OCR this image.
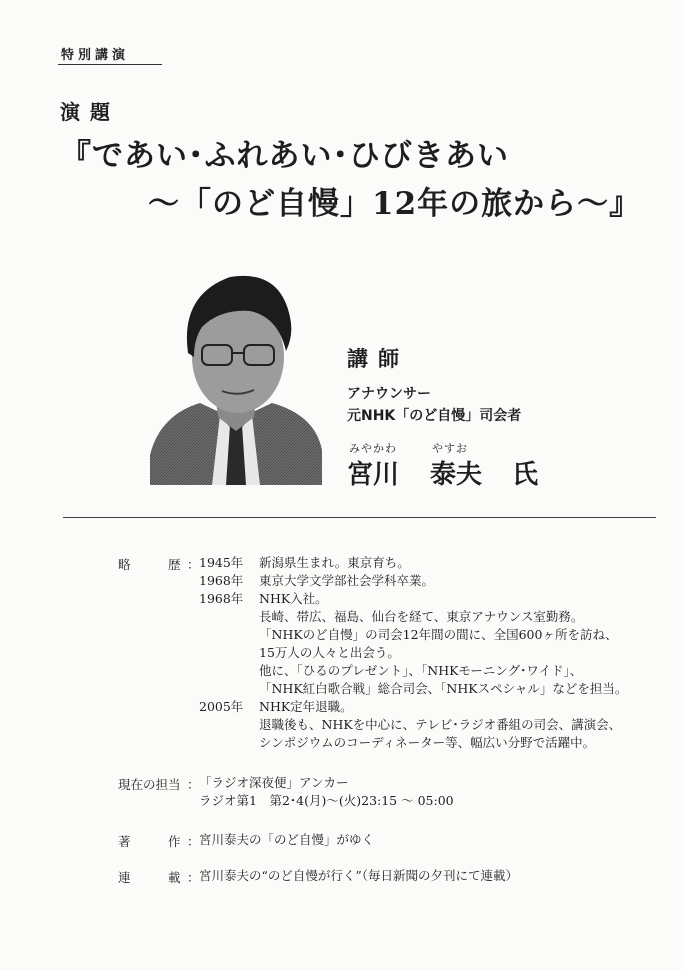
特別講演
演題
『であい･ふれあい･ひびきあい
〜「のど自慢」12年の旅から〜』
講師
アナウンサー
元NHK「のど自慢」司会者
みやかわ	やすお
宮川 泰夫 氏
略	歴 ： 1945年 新潟県生まれ。東京育ち。
1968年 東京大学文学部社会学科卒業。
1968年 NHK入社。
長崎、帯広、福島、仙台を経て、東京アナウンス室勤務。
「NHKのど自慢」の司会12年間の間に、全国600ヶ所を訪ね、
15万人の人々と出会う。
他に、「ひるのプレゼント」、「NHKモーニング･ワイド」、
「NHK紅白歌合戦」総合司会、「NHKスペシャル」などを担当。
2005年 NHK定年退職。
退職後も、NHKを中心に、テレビ･ラジオ番組の司会、講演会、
シンポジウムのコーディネーター等、幅広い分野で活躍中。
現在の担当 ： 「ラジオ深夜便」アンカー
ラジオ第1　第2･4(月)〜(火)23:15 〜 05:00
著	作 ： 宮川泰夫の「のど自慢」がゆく
連	載 ： 宮川泰夫の“のど自慢が行く”（毎日新聞の夕刊にて連載）
